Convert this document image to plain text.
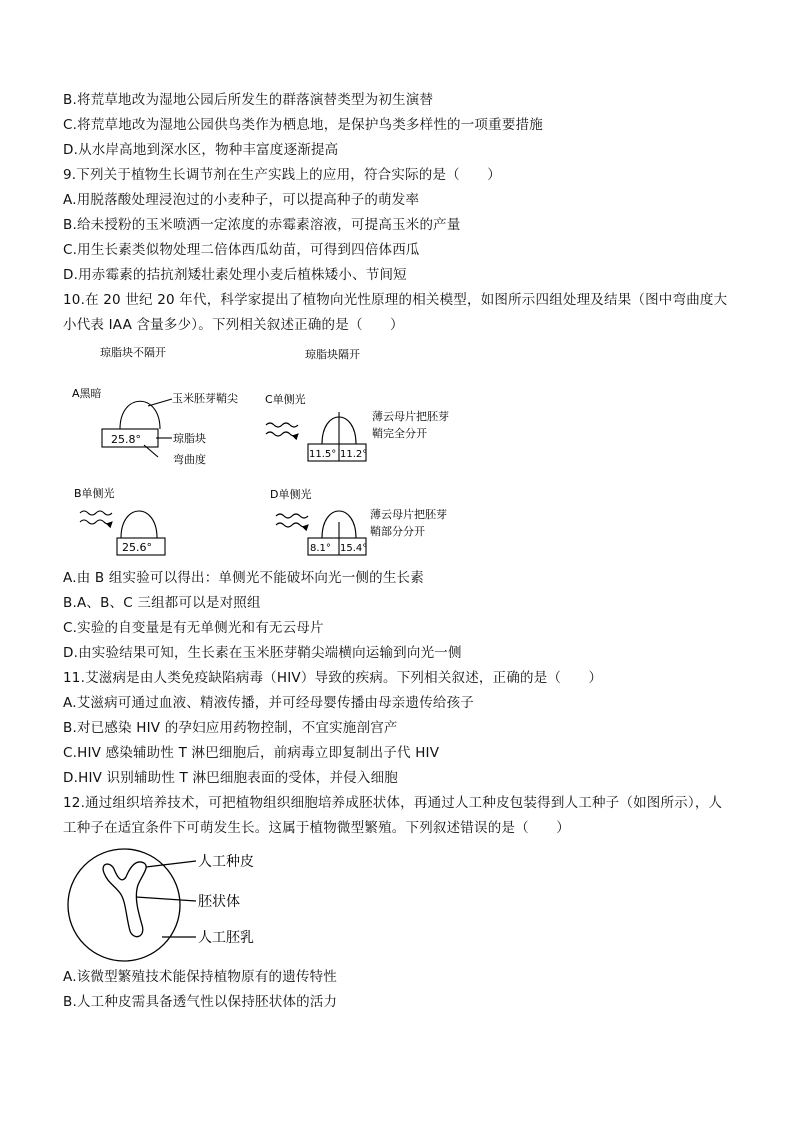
B.将荒草地改为湿地公园后所发生的群落演替类型为初生演替
C.将荒草地改为湿地公园供鸟类作为栖息地，是保护鸟类多样性的一项重要措施
D.从水岸高地到深水区，物种丰富度逐渐提高
9.下列关于植物生长调节剂在生产实践上的应用，符合实际的是（　　）
A.用脱落酸处理浸泡过的小麦种子，可以提高种子的萌发率
B.给未授粉的玉米喷洒一定浓度的赤霉素溶液，可提高玉米的产量
C.用生长素类似物处理二倍体西瓜幼苗，可得到四倍体西瓜
D.用赤霉素的拮抗剂矮壮素处理小麦后植株矮小、节间短
10.在 20 世纪 20 年代，科学家提出了植物向光性原理的相关模型，如图所示四组处理及结果（图中弯曲度大
小代表 IAA 含量多少）。下列相关叙述正确的是（　　）
琼脂块不隔开	琼脂块隔开
A黑暗
25.8°
玉米胚芽鞘尖
琼脂块
弯曲度
C单侧光
11.5° 11.2°
薄云母片把胚芽
鞘完全分开
B单侧光
25.6°
D单侧光
8.1° 15.4°
薄云母片把胚芽
鞘部分分开
A.由 B 组实验可以得出：单侧光不能破坏向光一侧的生长素
B.A、B、C 三组都可以是对照组
C.实验的自变量是有无单侧光和有无云母片
D.由实验结果可知，生长素在玉米胚芽鞘尖端横向运输到向光一侧
11.艾滋病是由人类免疫缺陷病毒（HIV）导致的疾病。下列相关叙述，正确的是（　　）
A.艾滋病可通过血液、精液传播，并可经母婴传播由母亲遗传给孩子
B.对已感染 HIV 的孕妇应用药物控制，不宜实施剖宫产
C.HIV 感染辅助性 T 淋巴细胞后，前病毒立即复制出子代 HIV
D.HIV 识别辅助性 T 淋巴细胞表面的受体，并侵入细胞
12.通过组织培养技术，可把植物组织细胞培养成胚状体，再通过人工种皮包装得到人工种子（如图所示），人
工种子在适宜条件下可萌发生长。这属于植物微型繁殖。下列叙述错误的是（　　）
人工种皮
胚状体
人工胚乳
A.该微型繁殖技术能保持植物原有的遗传特性
B.人工种皮需具备透气性以保持胚状体的活力
